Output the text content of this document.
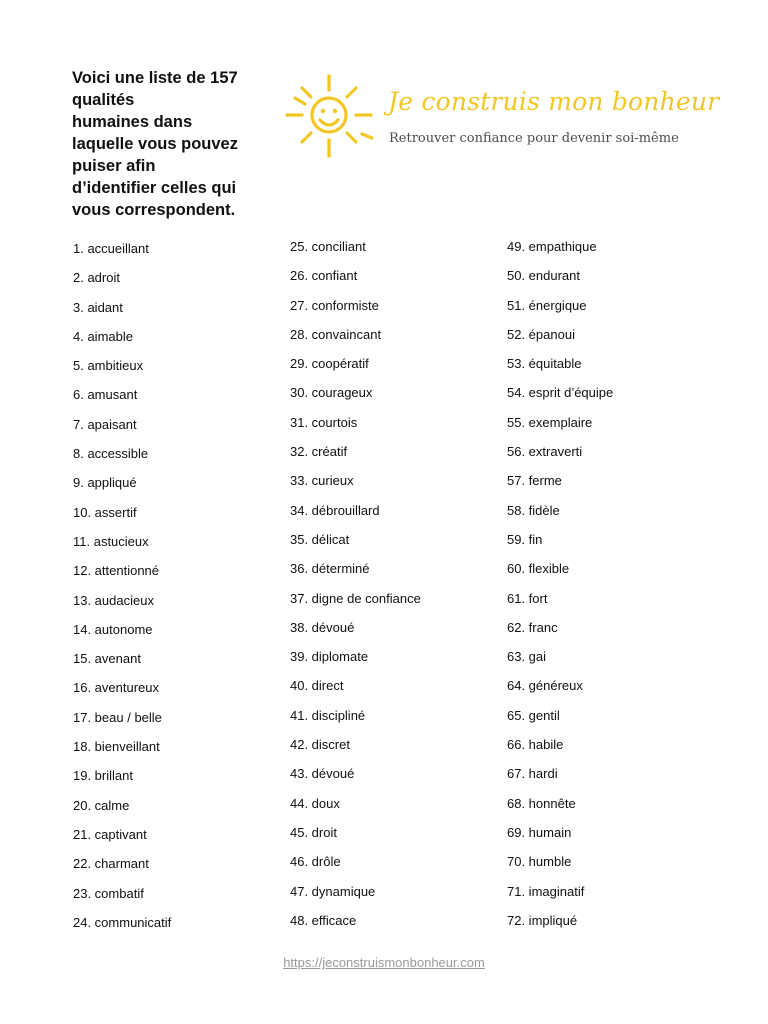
Voici une liste de 157
qualités
humaines dans
laquelle vous pouvez
puiser afin
d’identifier celles qui
vous correspondent.

Je construis mon bonheur

Retrouver confiance pour devenir soi-même

1. accueillant
2. adroit
3. aidant
4. aimable
5. ambitieux
6. amusant
7. apaisant
8. accessible
9. appliqué
10. assertif
11. astucieux
12. attentionné
13. audacieux
14. autonome
15. avenant
16. aventureux
17. beau / belle
18. bienveillant
19. brillant
20. calme
21. captivant
22. charmant
23. combatif
24. communicatif
25. conciliant
26. confiant
27. conformiste
28. convaincant
29. coopératif
30. courageux
31. courtois
32. créatif
33. curieux
34. débrouillard
35. délicat
36. déterminé
37. digne de confiance
38. dévoué
39. diplomate
40. direct
41. discipliné
42. discret
43. dévoué
44. doux
45. droit
46. drôle
47. dynamique
48. efficace
49. empathique
50. endurant
51. énergique
52. épanoui
53. équitable
54. esprit d’équipe
55. exemplaire
56. extraverti
57. ferme
58. fidèle
59. fin
60. flexible
61. fort
62. franc
63. gai
64. généreux
65. gentil
66. habile
67. hardi
68. honnête
69. humain
70. humble
71. imaginatif
72. impliqué
https://jeconstruismonbonheur.com
